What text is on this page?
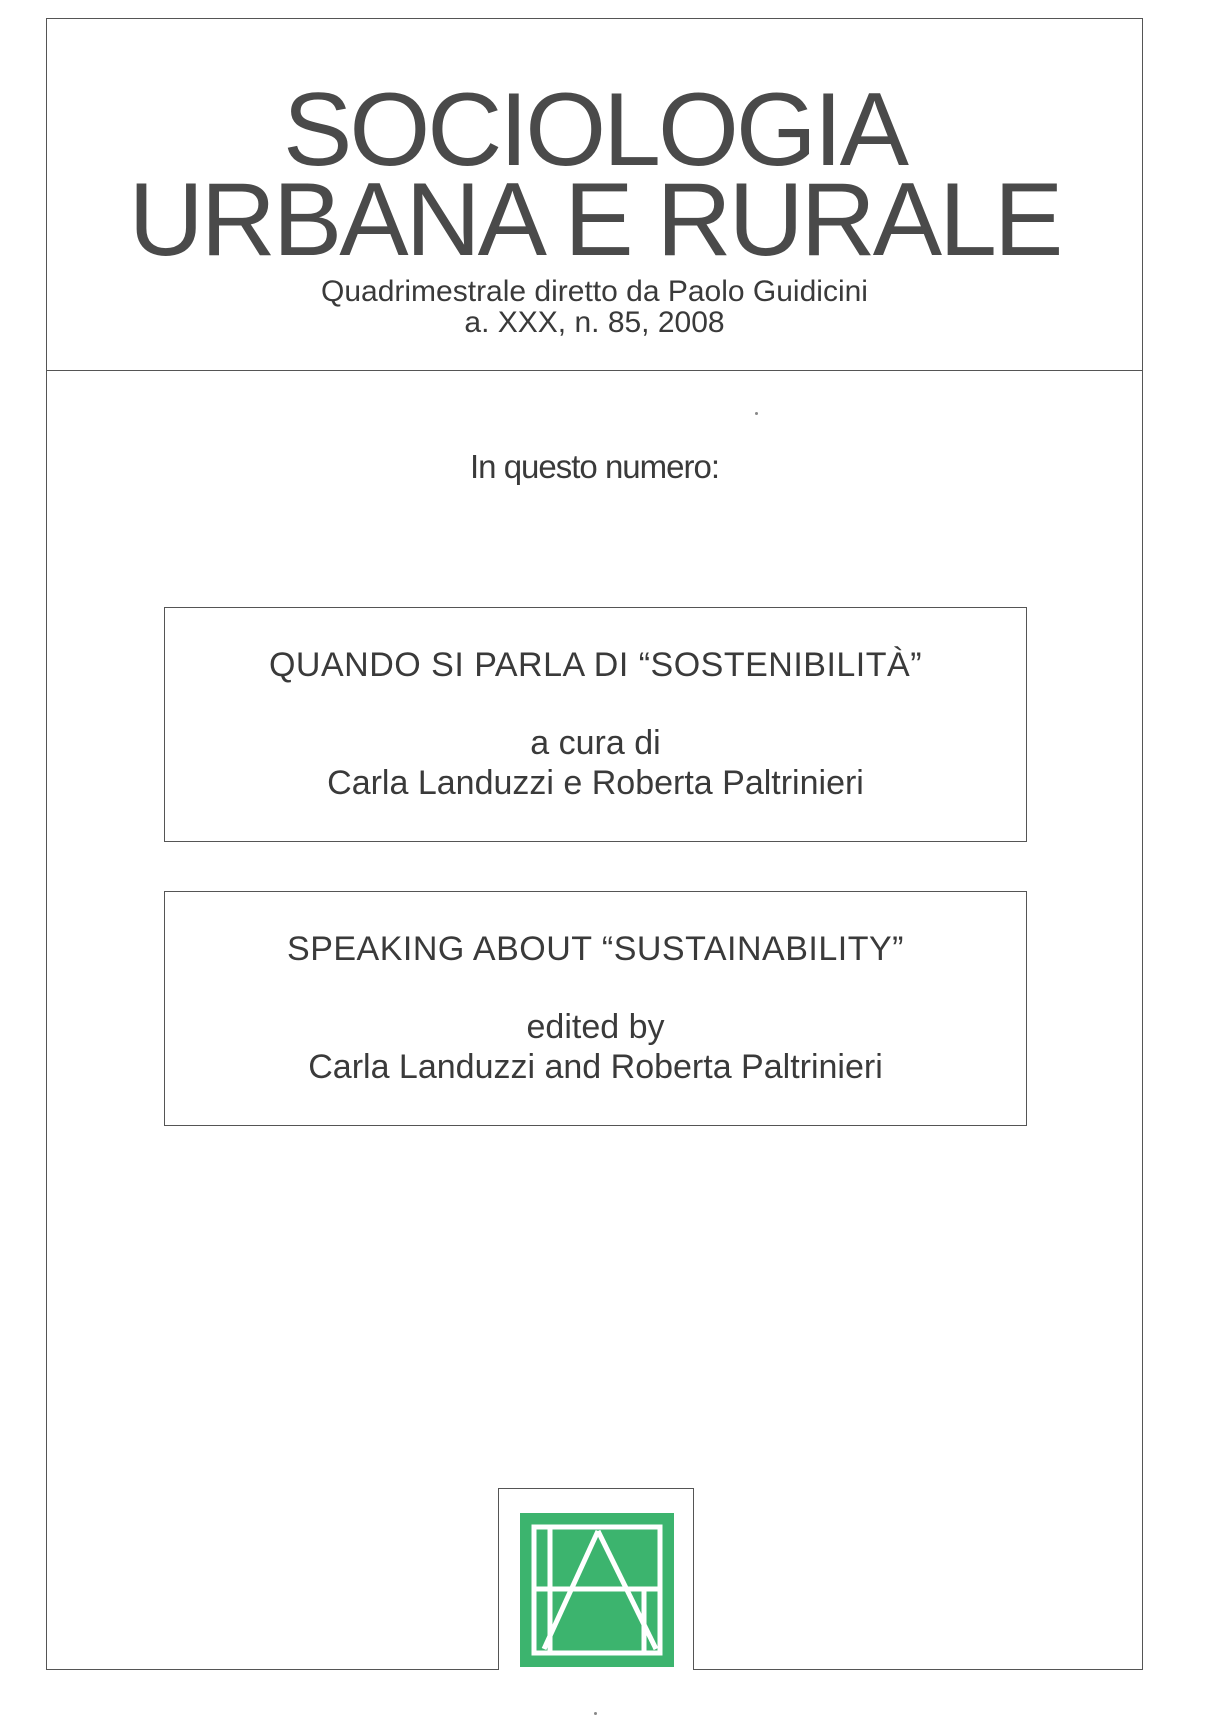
SOCIOLOGIA
URBANA E RURALE
Quadrimestrale diretto da Paolo Guidicini
a. XXX, n. 85, 2008
In questo numero:
QUANDO SI PARLA DI “SOSTENIBILITÀ”
a cura di
Carla Landuzzi e Roberta Paltrinieri
SPEAKING ABOUT “SUSTAINABILITY”
edited by
Carla Landuzzi and Roberta Paltrinieri
